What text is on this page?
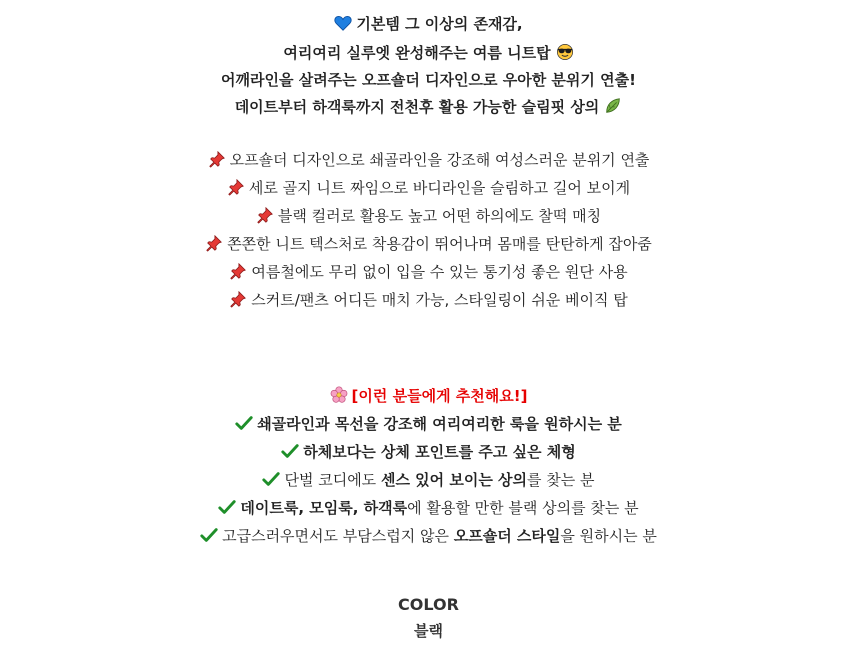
기본템 그 이상의 존재감,
여리여리 실루엣 완성해주는 여름 니트탑
어깨라인을 살려주는 오프숄더 디자인으로 우아한 분위기 연출!
데이트부터 하객룩까지 전천후 활용 가능한 슬림핏 상의
오프숄더 디자인으로 쇄골라인을 강조해 여성스러운 분위기 연출
세로 골지 니트 짜임으로 바디라인을 슬림하고 길어 보이게
블랙 컬러로 활용도 높고 어떤 하의에도 찰떡 매칭
쫀쫀한 니트 텍스처로 착용감이 뛰어나며 몸매를 탄탄하게 잡아줌
여름철에도 무리 없이 입을 수 있는 통기성 좋은 원단 사용
스커트/팬츠 어디든 매치 가능, 스타일링이 쉬운 베이직 탑
[이런 분들에게 추천해요!]
쇄골라인과 목선을 강조해 여리여리한 룩을 원하시는 분
하체보다는 상체 포인트를 주고 싶은 체형
단벌 코디에도 센스 있어 보이는 상의를 찾는 분
데이트룩, 모임룩, 하객룩에 활용할 만한 블랙 상의를 찾는 분
고급스러우면서도 부담스럽지 않은 오프숄더 스타일을 원하시는 분
COLOR
블랙
